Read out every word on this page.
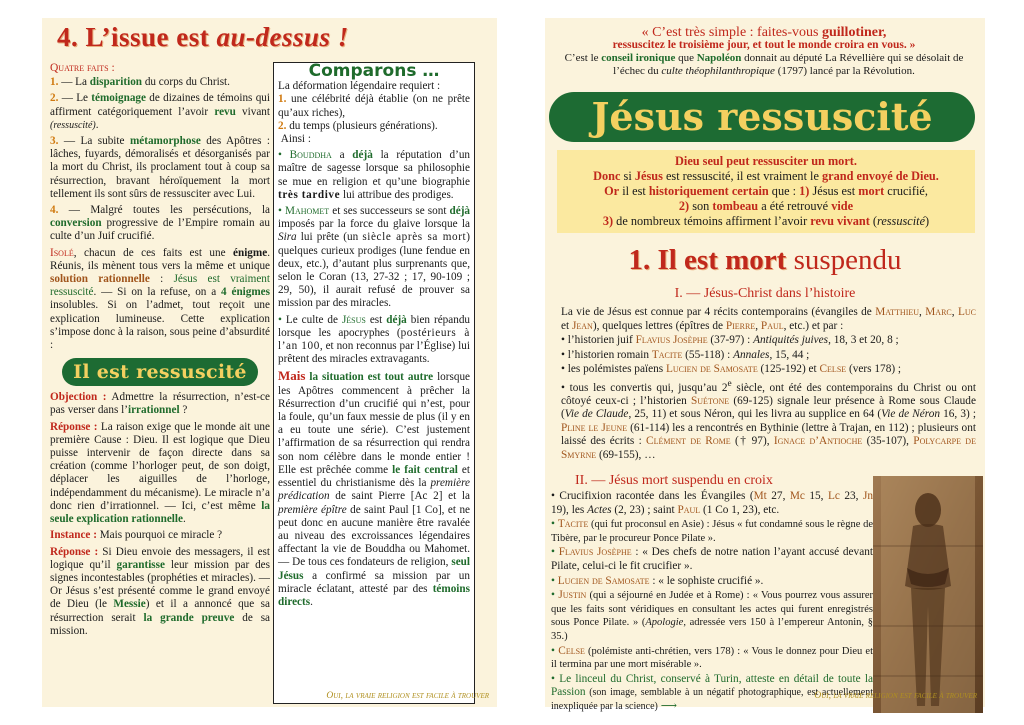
4. L’issue est au-dessus !
Quatre faits :

1. — La disparition du corps du Christ.

2. — Le témoignage de dizaines de témoins qui affirment catégoriquement l’avoir revu vivant (ressuscité).

3. — La subite métamorphose des Apôtres : lâches, fuyards, démoralisés et désorganisés par la mort du Christ, ils proclament tout à coup sa résurrection, bravant héroïquement la mort tellement ils sont sûrs de ressusciter avec Lui.

4. — Malgré toutes les persécutions, la conversion progressive de l’Empire romain au culte d’un Juif crucifié.

Isolé, chacun de ces faits est une énigme. Réunis, ils mènent tous vers la même et unique solution rationnelle : Jésus est vraiment ressuscité. — Si on la refuse, on a 4 énigmes insolubles. Si on l’admet, tout reçoit une explication lumineuse. Cette explication s’impose donc à la raison, sous peine d’absurdité :

Il est ressuscité

Objection : Admettre la résurrection, n’est-ce pas verser dans l’irrationnel ?

Réponse : La raison exige que le monde ait une première Cause : Dieu. Il est logique que Dieu puisse intervenir de façon directe dans sa création (comme l’horloger peut, de son doigt, déplacer les aiguilles de l’horloge, indépendamment du mécanisme). Le miracle n’a donc rien d’irrationnel. — Ici, c’est même la seule explication rationnelle.

Instance : Mais pourquoi ce miracle ?

Réponse : Si Dieu envoie des messagers, il est logique qu’il garantisse leur mission par des signes incontestables (prophéties et miracles). — Or Jésus s’est présenté comme le grand envoyé de Dieu (le Messie) et il a annoncé que sa résurrection serait la grande preuve de sa mission.

Comparons …

La déformation légendaire requiert :
1. une célébrité déjà établie (on ne prête qu’aux riches),
2. du temps (plusieurs générations).
Ainsi :

• Bouddha a déjà la réputation d’un maître de sagesse lorsque sa philosophie se mue en religion et qu’une biographie très tardive lui attribue des prodiges.

• Mahomet et ses successeurs se sont déjà imposés par la force du glaive lorsque la Sira lui prête (un siècle après sa mort) quelques curieux prodiges (lune fendue en deux, etc.), d’autant plus surprenants que, selon le Coran (13, 27-32 ; 17, 90-109 ; 29, 50), il aurait refusé de prouver sa mission par des miracles.

• Le culte de Jésus est déjà bien répandu lorsque les apocryphes (postérieurs à l’an 100, et non reconnus par l’Église) lui prêtent des miracles extravagants.

Mais la situation est tout autre lorsque les Apôtres commencent à prêcher la Résurrection d’un crucifié qui n’est, pour la foule, qu’un faux messie de plus (il y en a eu toute une série). C’est justement l’affirmation de sa résurrection qui rendra son nom célèbre dans le monde entier ! Elle est prêchée comme le fait central et essentiel du christianisme dès la première prédication de saint Pierre [Ac 2] et la première épître de saint Paul [1 Co], et ne peut donc en aucune manière être ravalée au niveau des excroissances légendaires affectant la vie de Bouddha ou Mahomet. — De tous ces fondateurs de religion, seul Jésus a confirmé sa mission par un miracle éclatant, attesté par des témoins directs.

Oui, la vraie religion est facile à trouver
« C’est très simple : faites-vous guillotiner,
ressuscitez le troisième jour, et tout le monde croira en vous. »
C’est le conseil ironique que Napoléon donnait au député La Révellière qui se désolait de l’échec du culte théophilanthropique (1797) lancé par la Révolution.
Jésus ressuscité
Dieu seul peut ressusciter un mort.
Donc si Jésus est ressuscité, il est vraiment le grand envoyé de Dieu.
Or il est historiquement certain que : 1) Jésus est mort crucifié,
2) son tombeau a été retrouvé vide
3) de nombreux témoins affirment l’avoir revu vivant (ressuscité)
1. Il est mort suspendu
I. — Jésus-Christ dans l’histoire

La vie de Jésus est connue par 4 récits contemporains (évangiles de Matthieu, Marc, Luc et Jean), quelques lettres (épîtres de Pierre, Paul, etc.) et par :

• l’historien juif Flavius Josèphe (37-97) : Antiquités juives, 18, 3 et 20, 8 ;

• l’historien romain Tacite (55-118) : Annales, 15, 44 ;

• les polémistes païens Lucien de Samosate (125-192) et Celse (vers 178) ;

• tous les convertis qui, jusqu’au 2e siècle, ont été des contemporains du Christ ou ont côtoyé ceux-ci ; l’historien Suétone (69-125) signale leur présence à Rome sous Claude (Vie de Claude, 25, 11) et sous Néron, qui les livra au supplice en 64 (Vie de Néron 16, 3) ; Pline le Jeune (61-114) les a rencontrés en Bythinie (lettre à Trajan, en 112) ; plusieurs ont laissé des écrits : Clément de Rome († 97), Ignace d’Antioche (35-107), Polycarpe de Smyrne (69-155), …

II. — Jésus mort suspendu en croix

• Crucifixion racontée dans les Évangiles (Mt 27, Mc 15, Lc 23, Jn 19), les Actes (2, 23) ; saint Paul (1 Co 1, 23), etc.

• Tacite (qui fut proconsul en Asie) : Jésus « fut condamné sous le règne de Tibère, par le procureur Ponce Pilate ».

• Flavius Josèphe : « Des chefs de notre nation l’ayant accusé devant Pilate, celui-ci le fit crucifier ».

• Lucien de Samosate : « le sophiste crucifié ».

• Justin (qui a séjourné en Judée et à Rome) : « Vous pourrez vous assurer que les faits sont véridiques en consultant les actes qui furent enregistrés sous Ponce Pilate. » (Apologie, adressée vers 150 à l’empereur Antonin, § 35.)

• Celse (polémiste anti-chrétien, vers 178) : « Vous le donnez pour Dieu et il termina par une mort misérable ».

• Le linceul du Christ, conservé à Turin, atteste en détail de toute la Passion (son image, semblable à un négatif photographique, est actuellement inexpliquée par la science) ⟶

Oui, la vraie religion est facile à trouver
